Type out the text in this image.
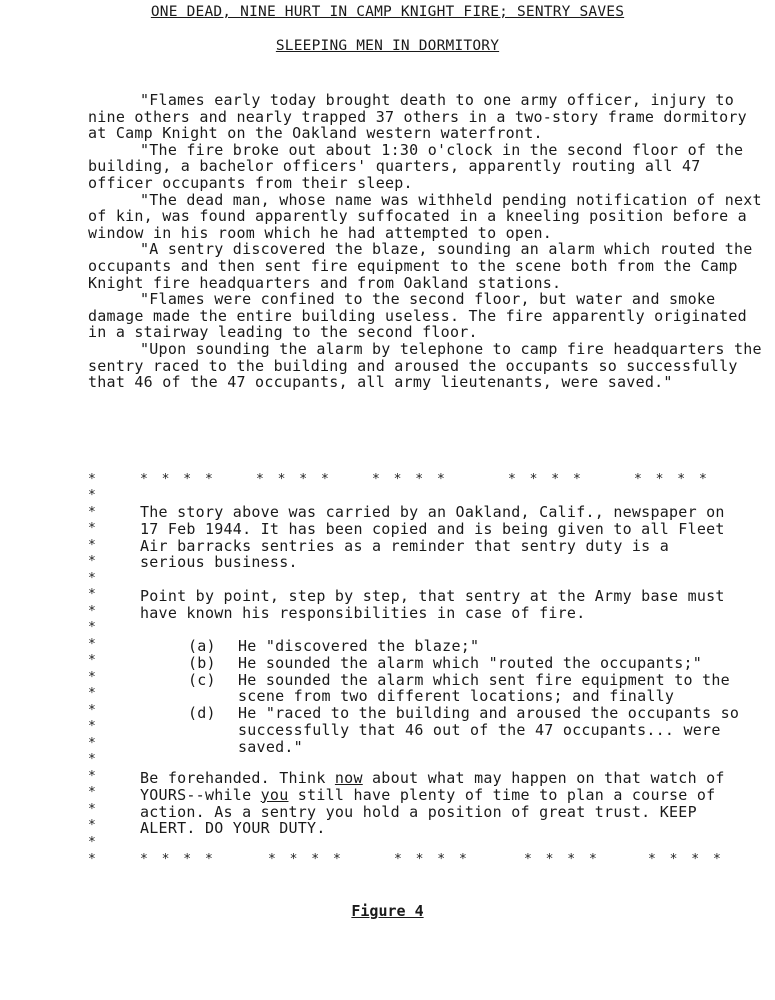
ONE DEAD, NINE HURT IN CAMP KNIGHT FIRE; SENTRY SAVES
SLEEPING MEN IN DORMITORY

"Flames early today brought death to one army officer, injury to nine others and nearly trapped 37 others in a two-story frame dormitory at Camp Knight on the Oakland western waterfront.

"The fire broke out about 1:30 o'clock in the second floor of the building, a bachelor officers' quarters, apparently routing all 47 officer occupants from their sleep.

"The dead man, whose name was withheld pending notification of next of kin, was found apparently suffocated in a kneeling position before a window in his room which he had attempted to open.

"A sentry discovered the blaze, sounding an alarm which routed the occupants and then sent fire equipment to the scene both from the Camp Knight fire headquarters and from Oakland stations.

"Flames were confined to the second floor, but water and smoke damage made the entire building useless. The fire apparently originated in a stairway leading to the second floor.

"Upon sounding the alarm by telephone to camp fire headquarters the sentry raced to the building and aroused the occupants so successfully that 46 of the 47 occupants, all army lieutenants, were saved."

*	* * * *	* * * *	* * * *	* * * *	* * * *
*
*
*
*
*
*
*
*
*
*
*
*
*
*
*
*
*
*
*
*
*
*
The story above was carried by an Oakland, Calif., newspaper on 17 Feb 1944. It has been copied and is being given to all Fleet Air barracks sentries as a reminder that sentry duty is a serious business.
Point by point, step by step, that sentry at the Army base must have known his responsibilities in case of fire.
(a)	He "discovered the blaze;"
(b)	He sounded the alarm which "routed the occupants;"
(c)	He sounded the alarm which sent fire equipment to the scene from two different locations; and finally
(d)	He "raced to the building and aroused the occupants so successfully that 46 out of the 47 occupants... were saved."
Be forehanded. Think now about what may happen on that watch of YOURS--while you still have plenty of time to plan a course of action. As a sentry you hold a position of great trust. KEEP ALERT. DO YOUR DUTY.
*	* * * *	* * * *	* * * *	* * * *	* * * *
Figure 4
